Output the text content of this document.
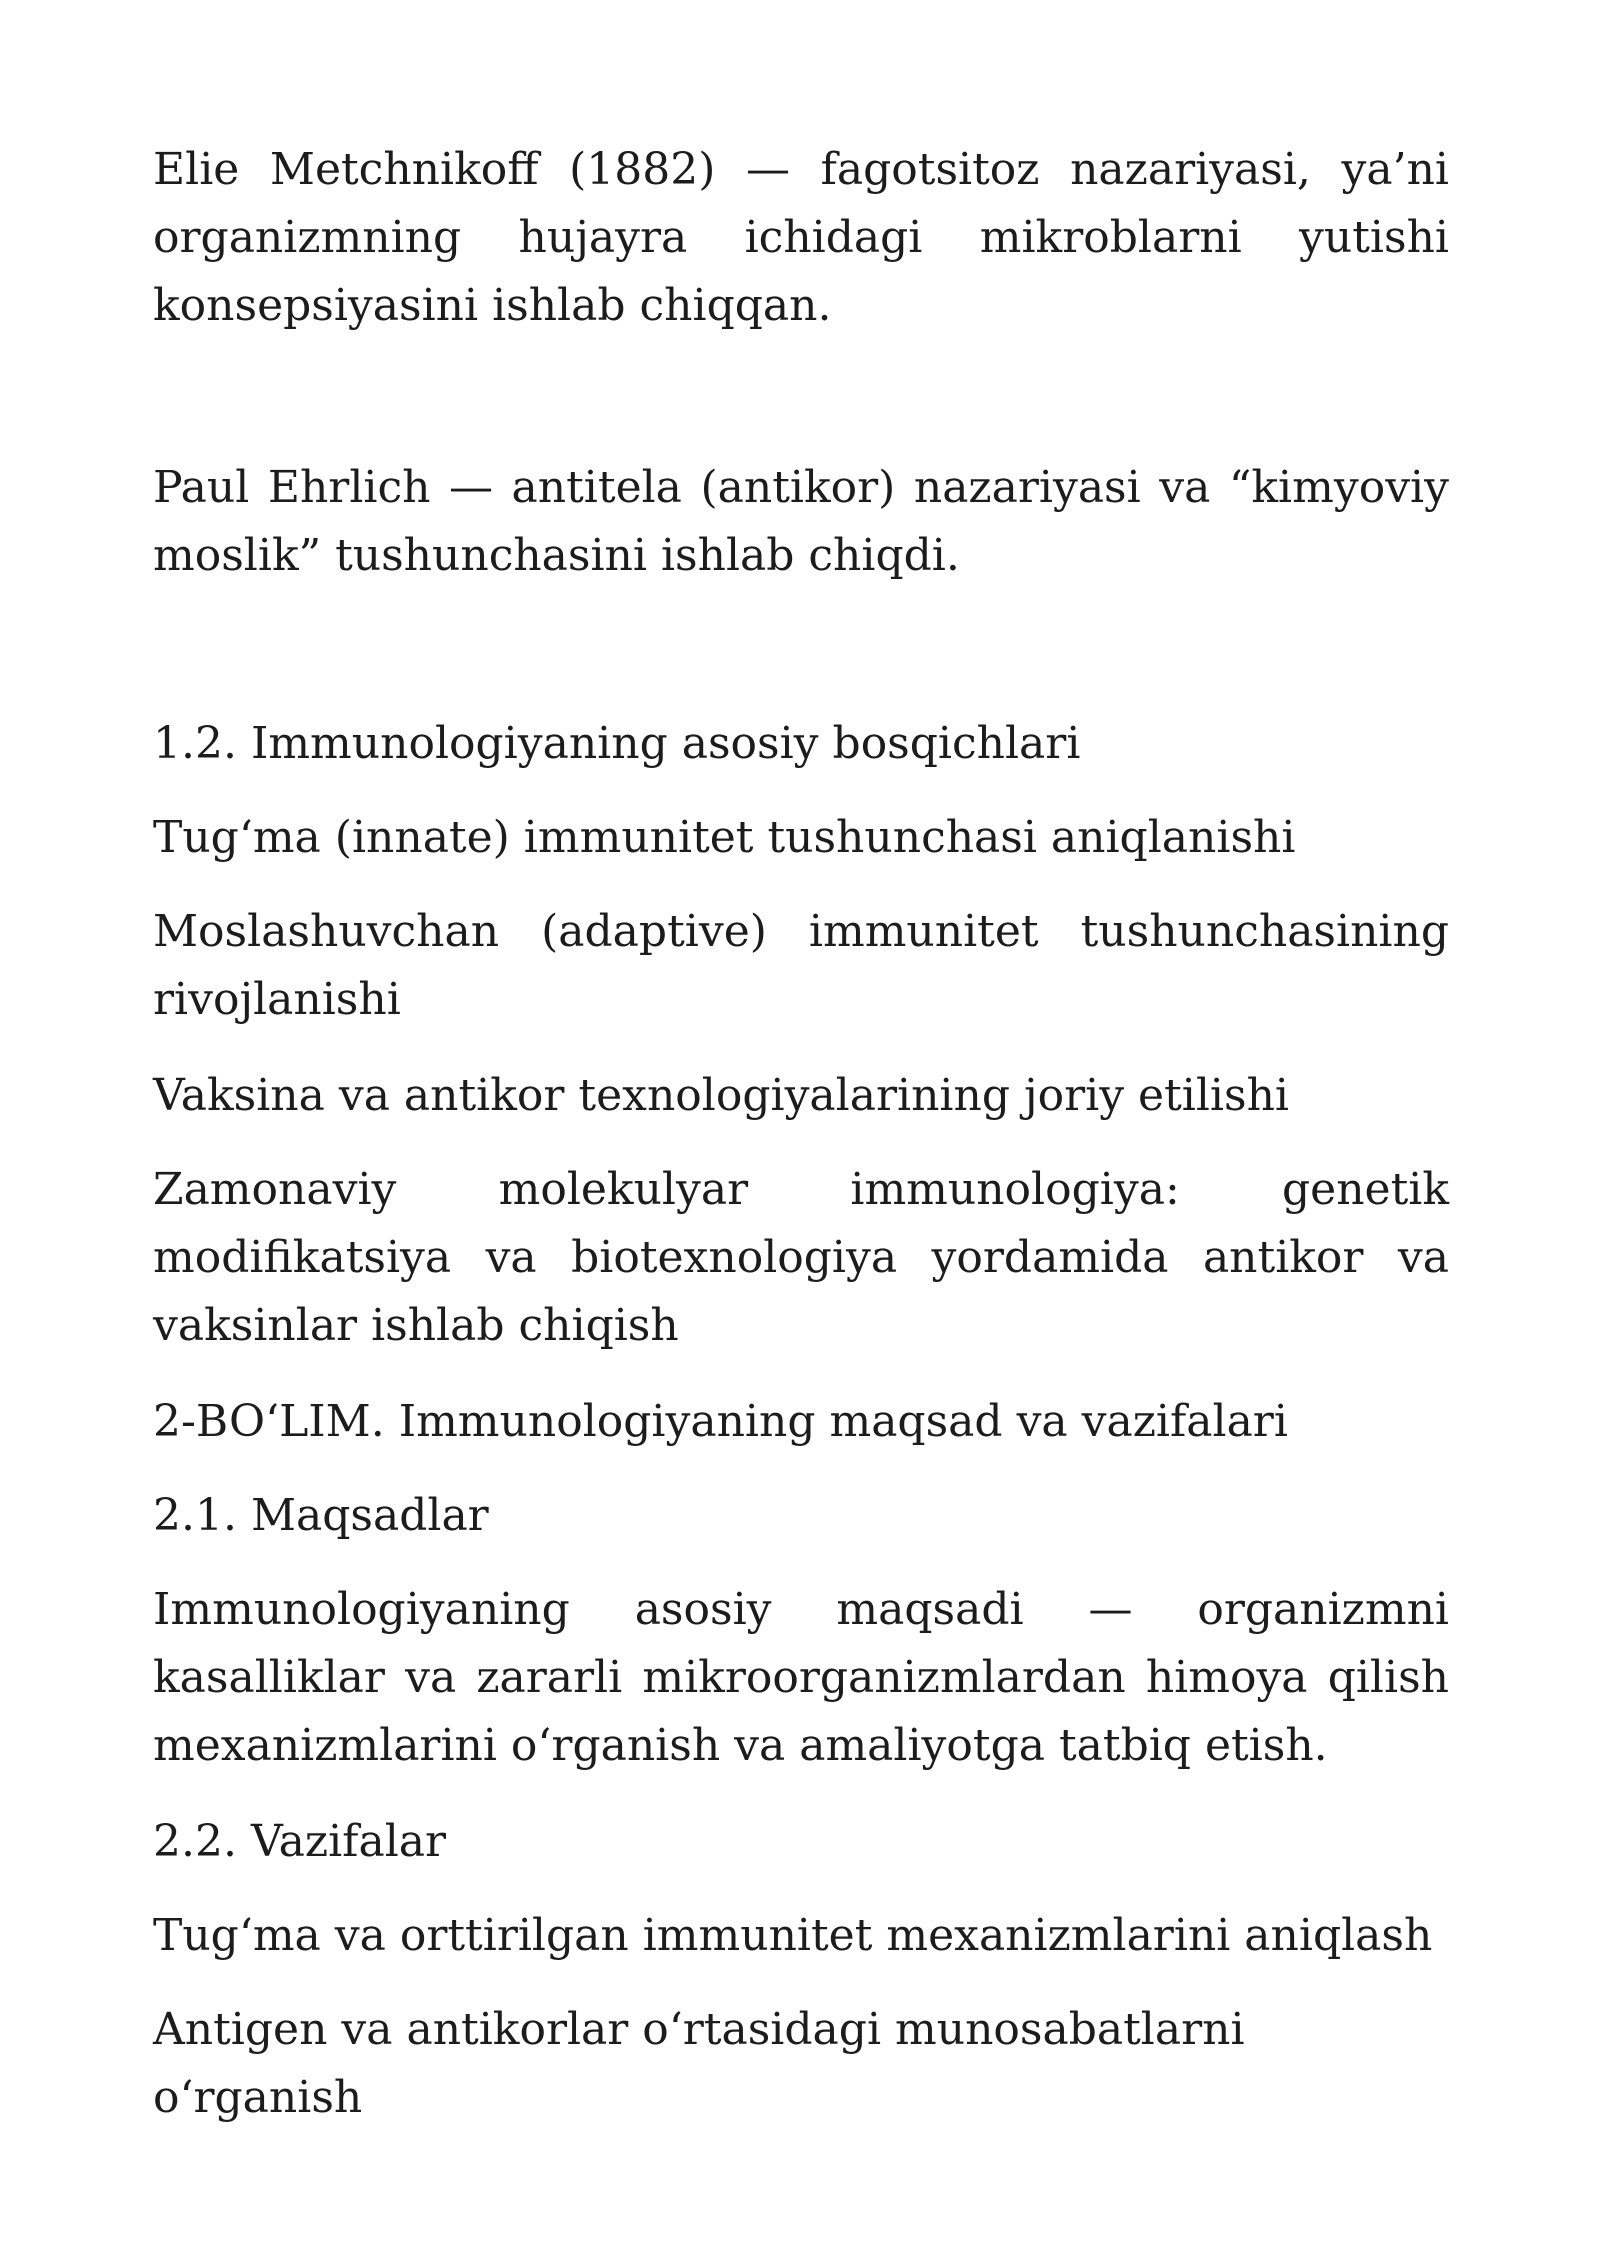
Elie Metchnikoff (1882) — fagotsitoz nazariyasi, ya’ni organizmning hujayra ichidagi mikroblarni yutishi konsepsiyasini ishlab chiqqan.

Paul Ehrlich — antitela (antikor) nazariyasi va “kimyoviy moslik” tushunchasini ishlab chiqdi.

1.2. Immunologiyaning asosiy bosqichlari

Tug‘ma (innate) immunitet tushunchasi aniqlanishi

Moslashuvchan (adaptive) immunitet tushunchasining rivojlanishi

Vaksina va antikor texnologiyalarining joriy etilishi

Zamonaviy molekulyar immunologiya: genetik modifikatsiya va biotexnologiya yordamida antikor va vaksinlar ishlab chiqish

2-BO‘LIM. Immunologiyaning maqsad va vazifalari

2.1. Maqsadlar

Immunologiyaning asosiy maqsadi — organizmni kasalliklar va zararli mikroorganizmlardan himoya qilish mexanizmlarini o‘rganish va amaliyotga tatbiq etish.

2.2. Vazifalar

Tug‘ma va orttirilgan immunitet mexanizmlarini aniqlash

Antigen va antikorlar o‘rtasidagi munosabatlarni o‘rganish
